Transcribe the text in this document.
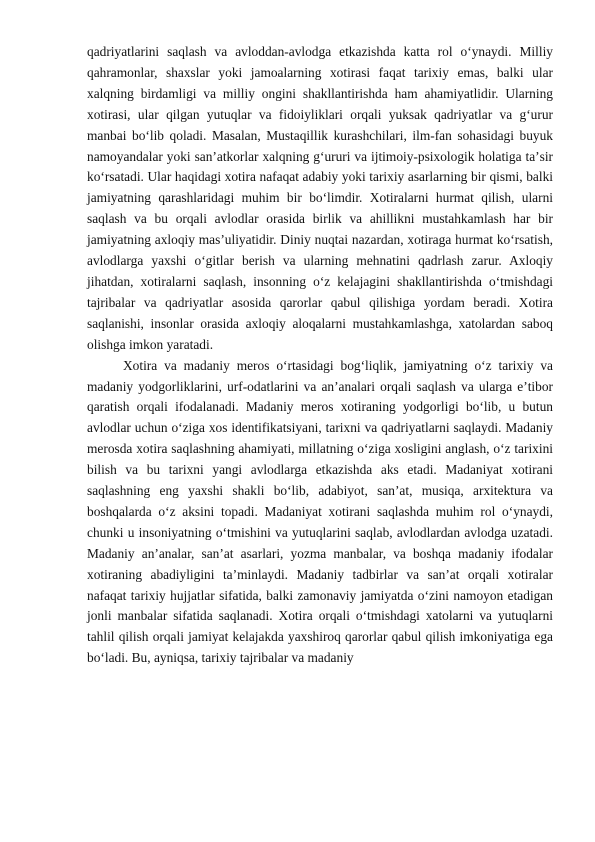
qadriyatlarini saqlash va avloddan-avlodga etkazishda katta rol oʻynaydi. Milliy qahramonlar, shaxslar yoki jamoalarning xotirasi faqat tarixiy emas, balki ular xalqning birdamligi va milliy ongini shakllantirishda ham ahamiyatlidir. Ularning xotirasi, ular qilgan yutuqlar va fidoiyliklari orqali yuksak qadriyatlar va gʻurur manbai boʻlib qoladi. Masalan, Mustaqillik kurashchilari, ilm-fan sohasidagi buyuk namoyandalar yoki sanʼatkorlar xalqning gʻururi va ijtimoiy-psixologik holatiga taʼsir koʻrsatadi. Ular haqidagi xotira nafaqat adabiy yoki tarixiy asarlarning bir qismi, balki jamiyatning qarashlaridagi muhim bir boʻlimdir. Xotiralarni hurmat qilish, ularni saqlash va bu orqali avlodlar orasida birlik va ahillikni mustahkamlash har bir jamiyatning axloqiy masʼuliyatidir. Diniy nuqtai nazardan, xotiraga hurmat koʻrsatish, avlodlarga yaxshi oʻgitlar berish va ularning mehnatini qadrlash zarur. Axloqiy jihatdan, xotiralarni saqlash, insonning oʻz kelajagini shakllantirishda oʻtmishdagi tajribalar va qadriyatlar asosida qarorlar qabul qilishiga yordam beradi. Xotira saqlanishi, insonlar orasida axloqiy aloqalarni mustahkamlashga, xatolardan saboq olishga imkon yaratadi.

Xotira va madaniy meros oʻrtasidagi bogʻliqlik, jamiyatning oʻz tarixiy va madaniy yodgorliklarini, urf-odatlarini va anʼanalari orqali saqlash va ularga eʼtibor qaratish orqali ifodalanadi. Madaniy meros xotiraning yodgorligi boʻlib, u butun avlodlar uchun oʻziga xos identifikatsiyani, tarixni va qadriyatlarni saqlaydi. Madaniy merosda xotira saqlashning ahamiyati, millatning oʻziga xosligini anglash, oʻz tarixini bilish va bu tarixni yangi avlodlarga etkazishda aks etadi. Madaniyat xotirani saqlashning eng yaxshi shakli boʻlib, adabiyot, sanʼat, musiqa, arxitektura va boshqalarda oʻz aksini topadi. Madaniyat xotirani saqlashda muhim rol oʻynaydi, chunki u insoniyatning oʻtmishini va yutuqlarini saqlab, avlodlardan avlodga uzatadi. Madaniy anʼanalar, sanʼat asarlari, yozma manbalar, va boshqa madaniy ifodalar xotiraning abadiyligini taʼminlaydi. Madaniy tadbirlar va sanʼat orqali xotiralar nafaqat tarixiy hujjatlar sifatida, balki zamonaviy jamiyatda oʻzini namoyon etadigan jonli manbalar sifatida saqlanadi. Xotira orqali oʻtmishdagi xatolarni va yutuqlarni tahlil qilish orqali jamiyat kelajakda yaxshiroq qarorlar qabul qilish imkoniyatiga ega boʻladi. Bu, ayniqsa, tarixiy tajribalar va madaniy
